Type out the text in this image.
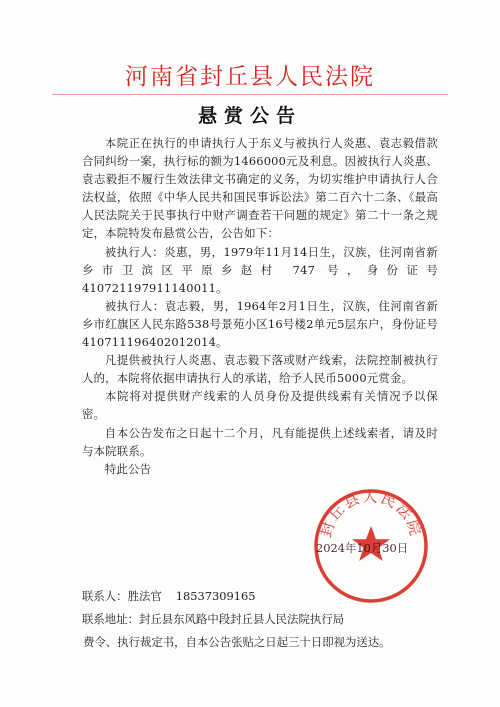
河南省封丘县人民法院
悬赏公告

本院正在执行的申请执行人于东义与被执行人炎惠、袁志毅借款合同纠纷一案，执行标的额为1466000元及利息。因被执行人炎惠、袁志毅拒不履行生效法律文书确定的义务，为切实维护申请执行人合法权益，依照《中华人民共和国民事诉讼法》第二百六十二条、《最高人民法院关于民事执行中财产调查若干问题的规定》第二十一条之规定，本院特发布悬赏公告，公告如下：

被执行人：炎惠，男，1979年11月14日生，汉族，住河南省新乡市卫滨区平原乡赵村 747 号，身份证号410721197911140011。

被执行人：袁志毅，男，1964年2月1日生，汉族，住河南省新乡市红旗区人民东路538号景苑小区16号楼2单元5层东户，身份证号410711196402012014。

凡提供被执行人炎惠、袁志毅下落或财产线索，法院控制被执行人的，本院将依据申请执行人的承诺，给予人民币5000元赏金。

本院将对提供财产线索的人员身份及提供线索有关情况予以保密。

自本公告发布之日起十二个月，凡有能提供上述线索者，请及时与本院联系。

特此公告

封丘县人民法院
2024年10月30日
联系人： 胜法官 18537309165
联系地址： 封丘县东风路中段封丘县人民法院执行局
费令、执行裁定书，自本公告张贴之日起三十日即视为送达。
